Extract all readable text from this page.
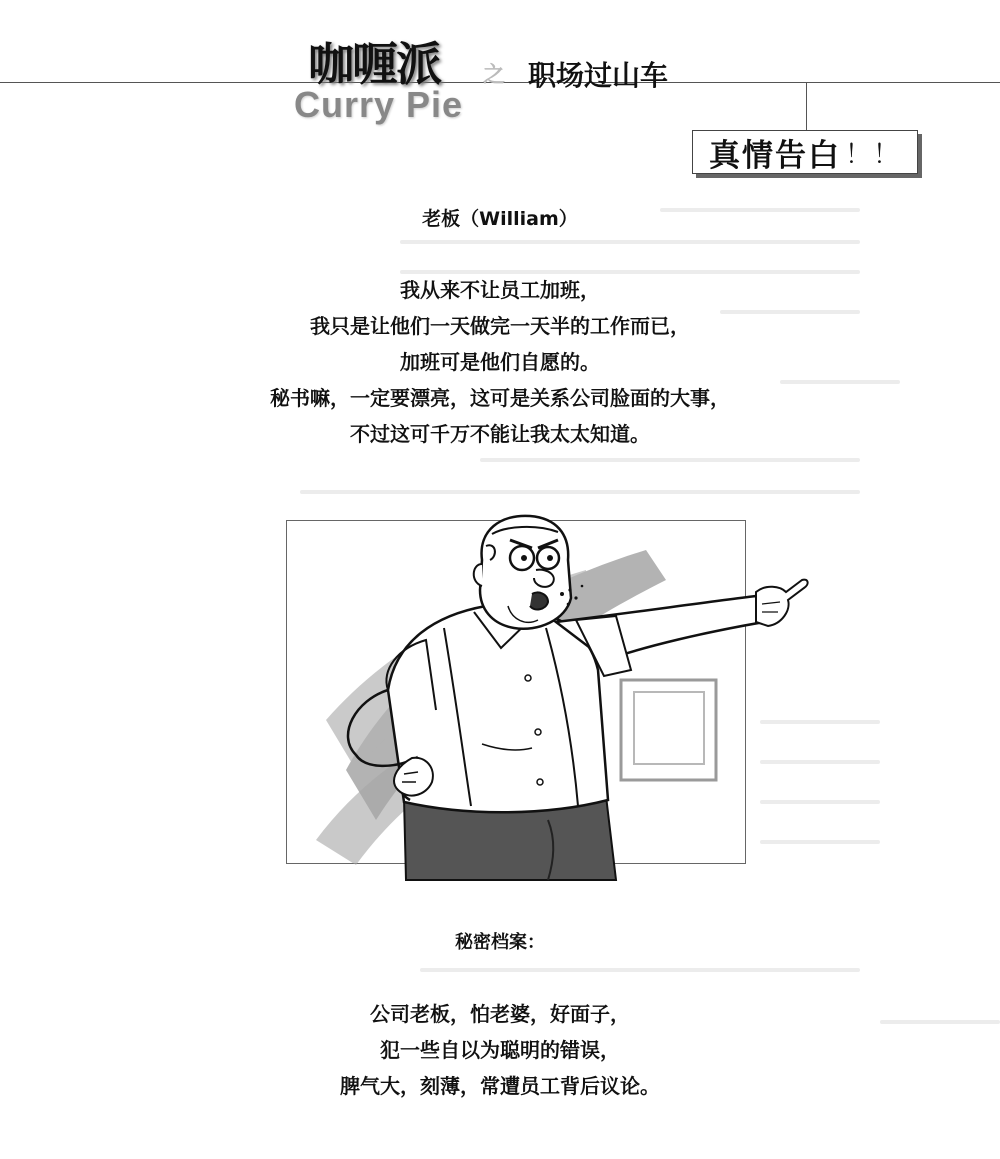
咖喱派 之 职场过山车
Curry Pie
真情告白 ！！
老板（William）
我从来不让员工加班，
我只是让他们一天做完一天半的工作而已，
加班可是他们自愿的。
秘书嘛，一定要漂亮，这可是关系公司脸面的大事，
不过这可千万不能让我太太知道。
秘密档案：
公司老板，怕老婆，好面子，
犯一些自以为聪明的错误，
脾气大，刻薄，常遭员工背后议论。
